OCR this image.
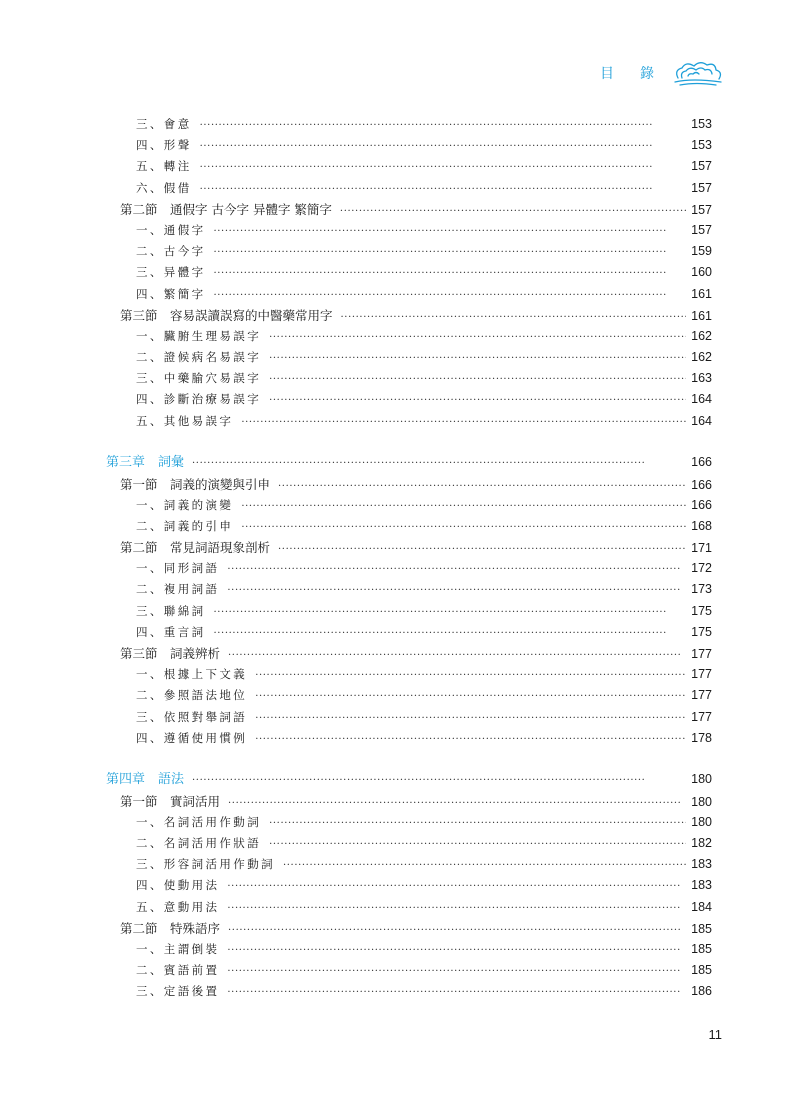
目錄
三、會意 ·····	153
四、形聲 ·····	153
五、轉注 ·····	157
六、假借 ·····	157
第二節　通假字 古今字 异體字 繁簡字 ·····	157
一、通假字 ·····	157
二、古今字 ·····	159
三、异體字 ·····	160
四、繁簡字 ·····	161
第三節　容易誤讀誤寫的中醫藥常用字 ·····	161
一、臟腑生理易誤字 ·····	162
二、證候病名易誤字 ·····	162
三、中藥腧穴易誤字 ·····	163
四、診斷治療易誤字 ·····	164
五、其他易誤字 ·····	164
第三章　詞彙 ·····	166
第一節　詞義的演變與引申 ·····	166
一、詞義的演變 ·····	166
二、詞義的引申 ·····	168
第二節　常見詞語現象剖析 ·····	171
一、同形詞語 ·····	172
二、複用詞語 ·····	173
三、聯綿詞 ·····	175
四、重言詞 ·····	175
第三節　詞義辨析 ·····	177
一、根據上下文義 ·····	177
二、參照語法地位 ·····	177
三、依照對舉詞語 ·····	177
四、遵循使用慣例 ·····	178
第四章　語法 ·····	180
第一節　實詞活用 ·····	180
一、名詞活用作動詞 ·····	180
二、名詞活用作狀語 ·····	182
三、形容詞活用作動詞 ·····	183
四、使動用法 ·····	183
五、意動用法 ·····	184
第二節　特殊語序 ·····	185
一、主謂倒裝 ·····	185
二、賓語前置 ·····	185
三、定語後置 ·····	186
11
